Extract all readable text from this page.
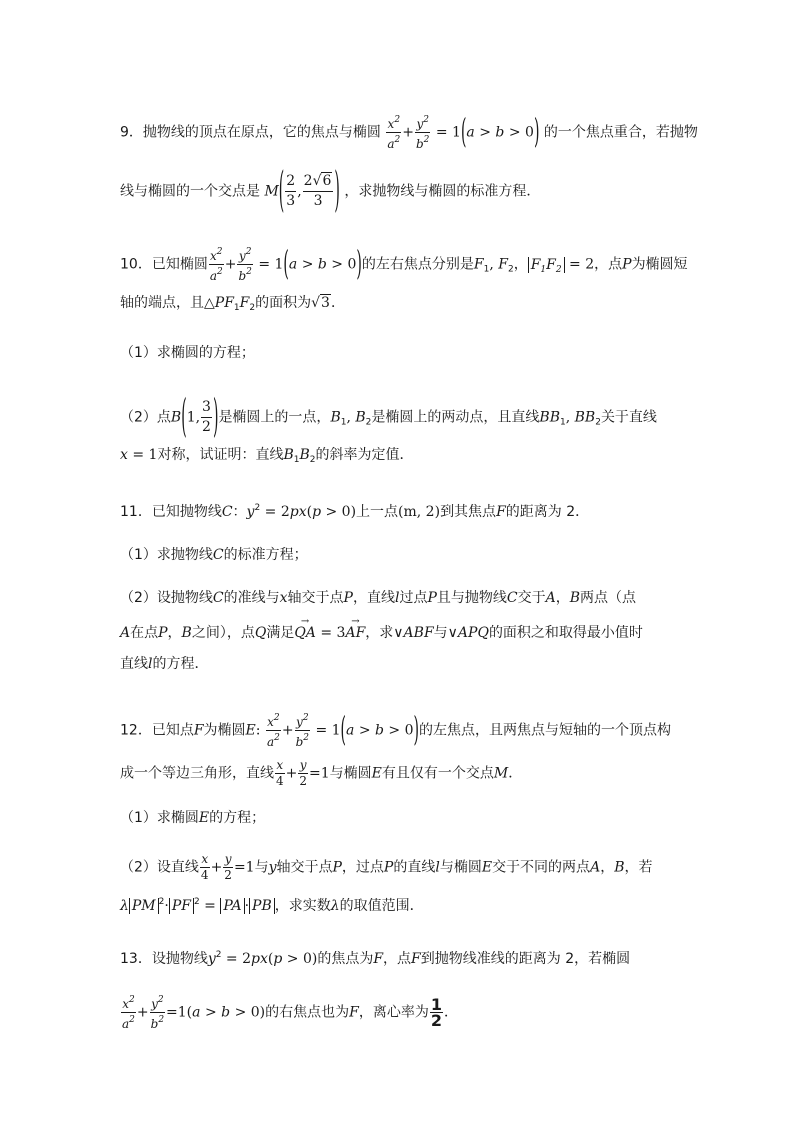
9．抛物线的顶点在原点，它的焦点与椭圆 $\frac{x^2}{a^2} + \frac{y^2}{b^2} = 1(a > b > 0)$ 的一个焦点重合，若抛物
线与椭圆的一个交点是 $M( \frac{2}{3}$ , $\frac{2√6}{3}$ ) ，求抛物线与椭圆的标准方程．
10．已知椭圆 $\frac{x^2}{a^2} + \frac{y^2}{b^2} = 1(a > b > 0)$的左右焦点分别是$F_1$, $F_2$， $F_1F_2 = 2$，点P为椭圆短
轴的端点，且$\triangle PF_1F_2$的面积为√3．
（1）求椭圆的方程；
（2）点B(1, $\frac{3}{2}$ )是椭圆上的一点，$B_1$, $B_2$是椭圆上的两动点，且直线$BB_1$, $BB_2$关于直线
x = 1对称，试证明：直线$B_1B_2$的斜率为定值．
11．已知抛物线C：$y^2 = 2px(p > 0)$上一点(m, 2)到其焦点F的距离为 2．
（1）求抛物线C的标准方程；
（2）设抛物线C的准线与x轴交于点P，直线l过点P且与抛物线C交于A，B两点（点
A在点P，B之间），点Q满足→ QA = 3→ AF，求∨ABF与∨APQ的面积之和取得最小值时
直线l的方程．
12．已知点F为椭圆E: $\frac{x^2}{a^2} + \frac{y^2}{b^2} = 1(a > b > 0)$的左焦点，且两焦点与短轴的一个顶点构
成一个等边三角形，直线 $\frac{x}{4} + \frac{y}{2} =1$与椭圆E有且仅有一个交点M．
（1）求椭圆E的方程；
（2）设直线 $\frac{x}{4} + \frac{y}{2} =1$与y轴交于点P，过点P的直线l与椭圆E交于不同的两点A，B，若
λ PM $^2$· PF $^2$ = PA · PB ，求实数λ的取值范围．
13．设抛物线$y^2 = 2px(p > 0)$的焦点为F，点F到抛物线准线的距离为 2，若椭圆
$\frac{x^2}{a^2} + \frac{y^2}{b^2} =1(a > b > 0)$的右焦点也为F，离心率为 $\frac{1}{2}$ ．
